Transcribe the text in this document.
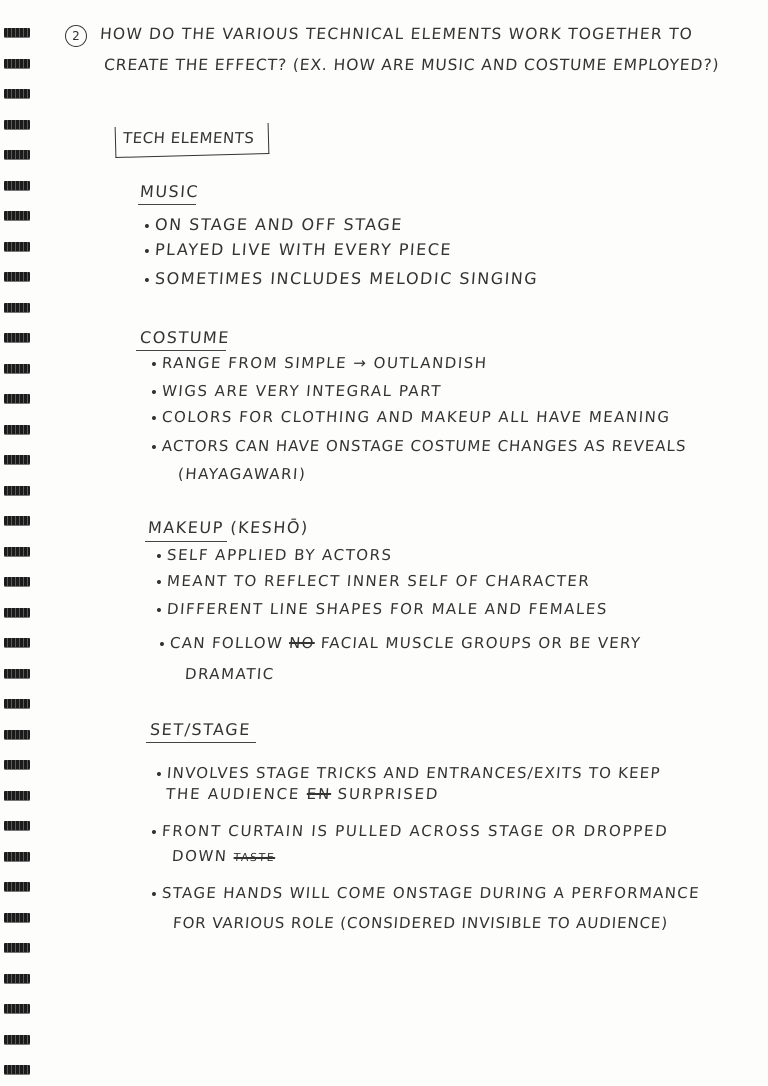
2	HOW DO THE VARIOUS TECHNICAL ELEMENTS WORK TOGETHER TO
CREATE THE EFFECT? (EX. HOW ARE MUSIC AND COSTUME EMPLOYED?)
TECH ELEMENTS
MUSIC
ON STAGE AND OFF STAGE
PLAYED LIVE WITH EVERY PIECE
SOMETIMES INCLUDES MELODIC SINGING
COSTUME
RANGE FROM SIMPLE → OUTLANDISH
WIGS ARE VERY INTEGRAL PART
COLORS FOR CLOTHING AND MAKEUP ALL HAVE MEANING
ACTORS CAN HAVE ONSTAGE COSTUME CHANGES AS REVEALS
(HAYAGAWARI)
MAKEUP (KESHŌ)
SELF APPLIED BY ACTORS
MEANT TO REFLECT INNER SELF OF CHARACTER
DIFFERENT LINE SHAPES FOR MALE AND FEMALES
CAN FOLLOW NO FACIAL MUSCLE GROUPS OR BE VERY
DRAMATIC
SET/STAGE
INVOLVES STAGE TRICKS AND ENTRANCES/EXITS TO KEEP
THE AUDIENCE EN SURPRISED
FRONT CURTAIN IS PULLED ACROSS STAGE OR DROPPED
DOWN TASTE
STAGE HANDS WILL COME ONSTAGE DURING A PERFORMANCE
FOR VARIOUS ROLE (CONSIDERED INVISIBLE TO AUDIENCE)
